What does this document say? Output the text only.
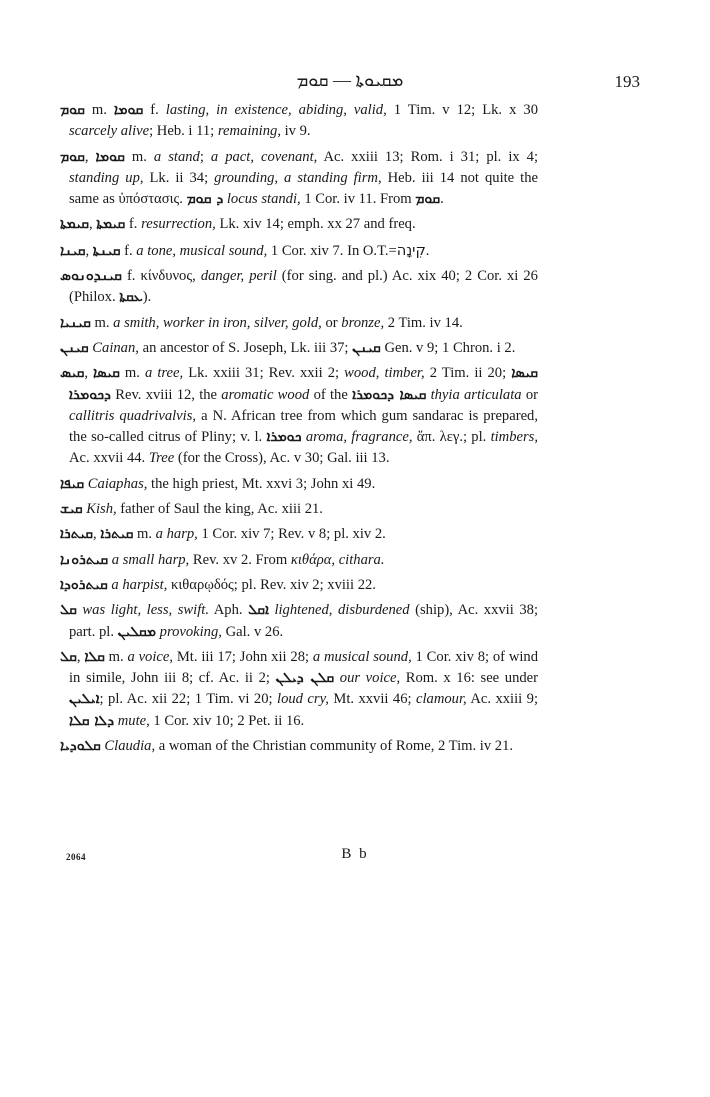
ܡܩܝܘܬܐ — ܩܘܡ	193

ܩܘܡ m. ܩܘܡܐ f. lasting, in existence, abiding, valid, 1 Tim. v 12; Lk. x 30 scarcely alive; Heb. i 11; remaining, iv 9.

ܩܘܡ, ܩܘܡܐ m. a stand; a pact, covenant, Ac. xxiii 13; Rom. i 31; pl. ix 4; standing up, Lk. ii 34; grounding, a standing firm, Heb. iii 14 not quite the same as ὑπόστασις. ܕ ܩܘܡ locus standi, 1 Cor. iv 11. From ܩܘܡ.

ܩܝܡܬܐ, ܩܝܡܬܐ f. resurrection, Lk. xiv 14; emph. xx 27 and freq.

ܩܝܢܐ, ܩܝܢܬܐ f. a tone, musical sound, 1 Cor. xiv 7. In O.T.=קִינָה.

ܩܝܢܕܘܢܘܣ f. κίνδυνος, danger, peril (for sing. and pl.) Ac. xix 40; 2 Cor. xi 26 (Philox. ܥܩܬܐ).

ܩܝܢܝܐ m. a smith, worker in iron, silver, gold, or bronze, 2 Tim. iv 14.

ܩܝܢܢ Cainan, an ancestor of S. Joseph, Lk. iii 37; ܩܝܢܢ Gen. v 9; 1 Chron. i 2.

ܩܝܣ, ܩܝܣܐ m. a tree, Lk. xxiii 31; Rev. xxii 2; wood, timber, 2 Tim. ii 20; ܩܝܣܐ ܕܟܘܡܪܐ Rev. xviii 12, the aromatic wood of the ܩܝܣܐ ܕܟܘܡܪܐ thyia articulata or callitris quadrivalvis, a N. African tree from which gum sandarac is prepared, the so-called citrus of Pliny; v. l. ܟܘܡܪܐ aroma, fragrance, ἅπ. λεγ.; pl. timbers, Ac. xxvii 44. Tree (for the Cross), Ac. v 30; Gal. iii 13.

ܩܝܦܐ Caiaphas, the high priest, Mt. xxvi 3; John xi 49.

ܩܝܫ Kish, father of Saul the king, Ac. xiii 21.

ܩܝܬܪܐ, ܩܝܬܪܐ m. a harp, 1 Cor. xiv 7; Rev. v 8; pl. xiv 2.

ܩܝܬܪܘܢܐ a small harp, Rev. xv 2. From κιθάρα, cithara.

ܩܝܬܪܘܕܐ a harpist, κιθαρῳδός; pl. Rev. xiv 2; xviii 22.

ܩܠ was light, less, swift. Aph. ܐܩܠ lightened, disburdened (ship), Ac. xxvii 38; part. pl. ܡܩܠܝܢ provoking, Gal. v 26.

ܩܠ, ܩܠܐ m. a voice, Mt. iii 17; John xii 28; a musical sound, 1 Cor. xiv 8; of wind in simile, John iii 8; cf. Ac. ii 2; ܩܠܢ ܕܝܠܢ our voice, Rom. x 16: see under ܐܝܠܝܢ; pl. Ac. xii 22; 1 Tim. vi 20; loud cry, Mt. xxvii 46; clamour, Ac. xxiii 9; ܕܠܐ ܩܠܐ mute, 1 Cor. xiv 10; 2 Pet. ii 16.

ܩܠܘܕܝܐ Claudia, a woman of the Christian community of Rome, 2 Tim. iv 21.

2064	B b
